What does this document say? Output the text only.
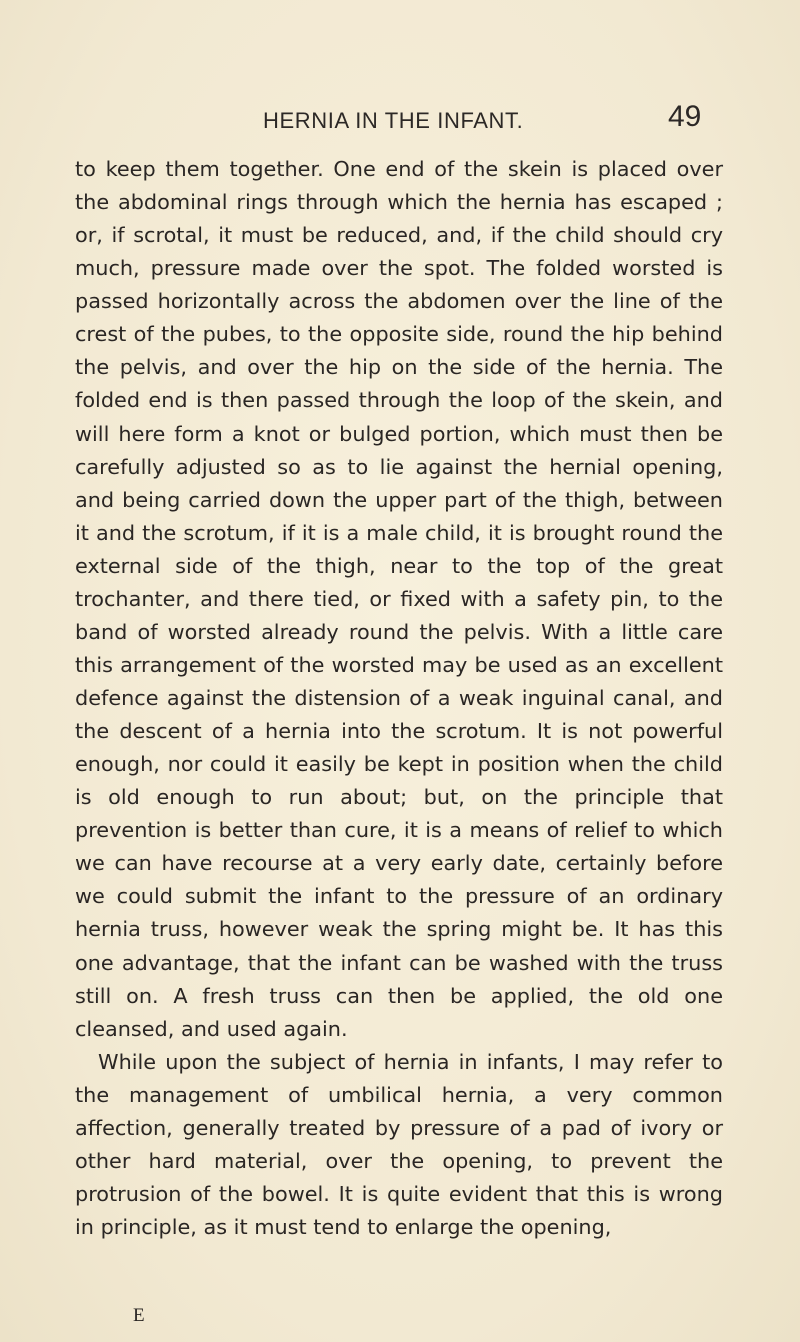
HERNIA IN THE INFANT.	49

to keep them together. One end of the skein is placed over the abdominal rings through which the hernia has escaped ; or, if scrotal, it must be reduced, and, if the child should cry much, pressure made over the spot. The folded worsted is passed horizontally across the abdomen over the line of the crest of the pubes, to the opposite side, round the hip behind the pelvis, and over the hip on the side of the hernia. The folded end is then passed through the loop of the skein, and will here form a knot or bulged portion, which must then be carefully adjusted so as to lie against the hernial opening, and being carried down the upper part of the thigh, between it and the scrotum, if it is a male child, it is brought round the external side of the thigh, near to the top of the great trochanter, and there tied, or fixed with a safety pin, to the band of worsted already round the pelvis. With a little care this arrangement of the worsted may be used as an excellent defence against the distension of a weak inguinal canal, and the descent of a hernia into the scrotum. It is not powerful enough, nor could it easily be kept in position when the child is old enough to run about; but, on the principle that prevention is better than cure, it is a means of relief to which we can have recourse at a very early date, certainly before we could submit the infant to the pressure of an ordinary hernia truss, however weak the spring might be. It has this one advantage, that the infant can be washed with the truss still on. A fresh truss can then be applied, the old one cleansed, and used again.

While upon the subject of hernia in infants, I may refer to the management of umbilical hernia, a very common affection, generally treated by pressure of a pad of ivory or other hard material, over the opening, to prevent the protrusion of the bowel. It is quite evident that this is wrong in principle, as it must tend to enlarge the opening,

E
